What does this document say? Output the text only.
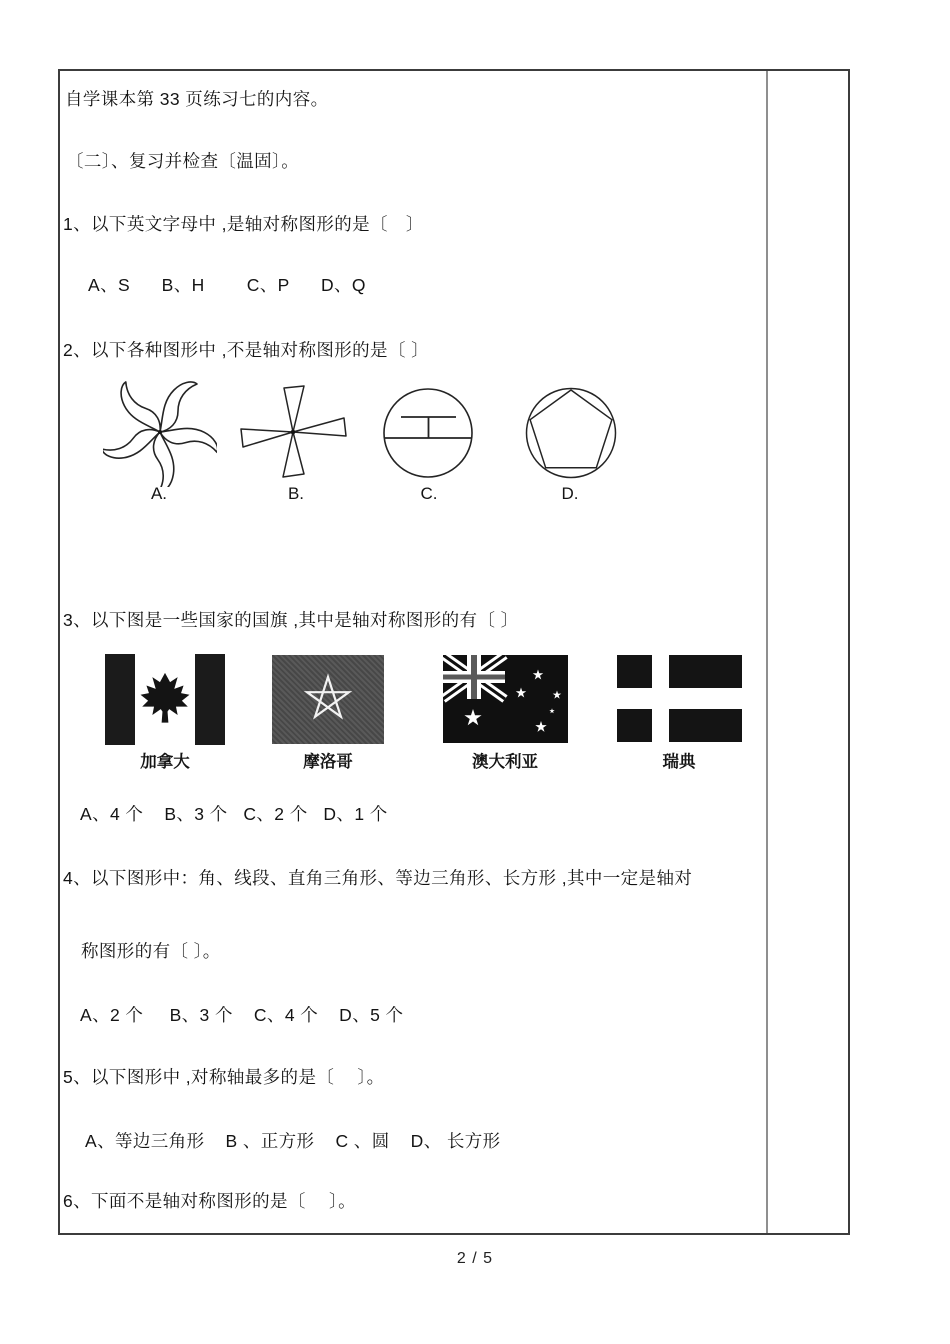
自学课本第 33 页练习七的内容。
〔二〕、复习并检查〔温固〕。
1、以下英文字母中 ,是轴对称图形的是〔　〕
A、S      B、H        C、P      D、Q
2、以下各种图形中 ,不是轴对称图形的是〔 〕
A.	B.	C.	D.
3、以下图是一些国家的国旗 ,其中是轴对称图形的有〔 〕
加拿大	摩洛哥	澳大利亚	瑞典
A、4 个    B、3 个   C、2 个   D、1 个
4、以下图形中：角、线段、直角三角形、等边三角形、长方形 ,其中一定是轴对
称图形的有〔 〕。
A、2 个     B、3 个    C、4 个    D、5 个
5、以下图形中 ,对称轴最多的是〔　 〕。
A、等边三角形    B 、正方形    C 、圆    D、 长方形
6、下面不是轴对称图形的是〔　 〕。
2 / 5
